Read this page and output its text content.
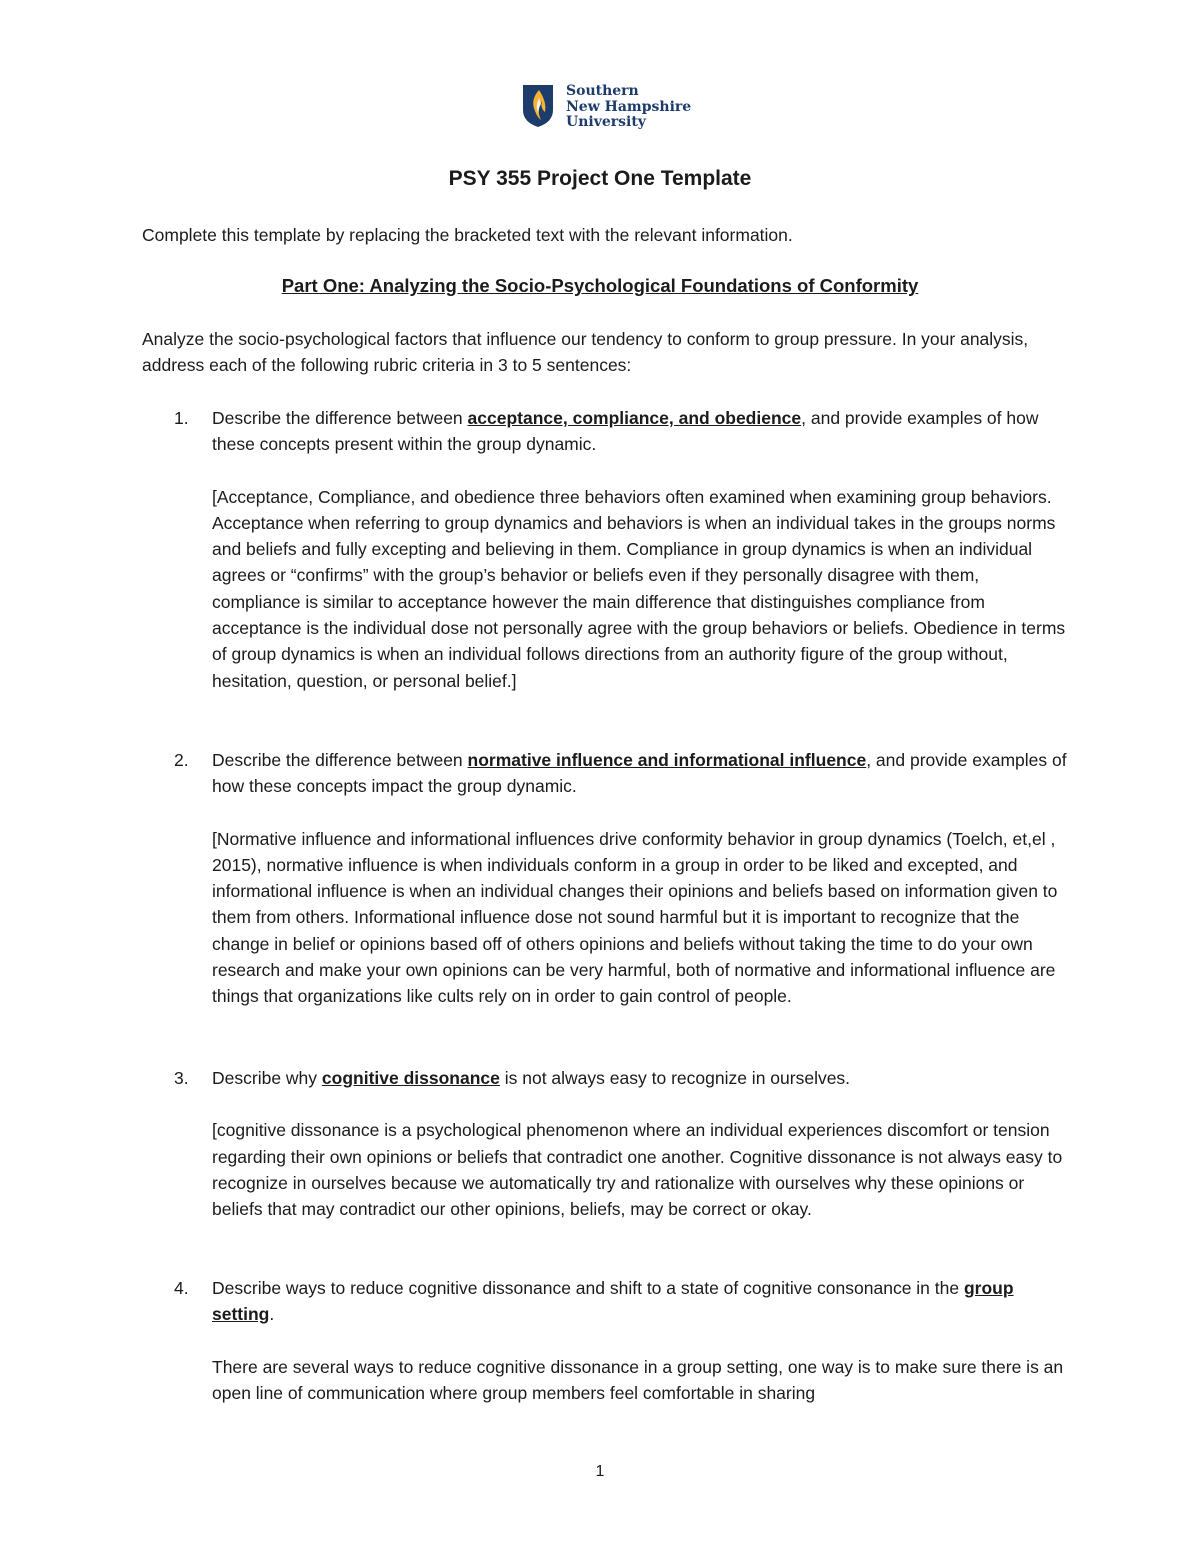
Southern
New Hampshire
University
PSY 355 Project One Template
Complete this template by replacing the bracketed text with the relevant information.
Part One: Analyzing the Socio-Psychological Foundations of Conformity
Analyze the socio-psychological factors that influence our tendency to conform to group pressure. In your analysis, address each of the following rubric criteria in 3 to 5 sentences:
1. Describe the difference between acceptance, compliance, and obedience, and provide examples of how these concepts present within the group dynamic.
[Acceptance, Compliance, and obedience three behaviors often examined when examining group behaviors. Acceptance when referring to group dynamics and behaviors is when an individual takes in the groups norms and beliefs and fully excepting and believing in them. Compliance in group dynamics is when an individual agrees or “confirms” with the group’s behavior or beliefs even if they personally disagree with them, compliance is similar to acceptance however the main difference that distinguishes compliance from acceptance is the individual dose not personally agree with the group behaviors or beliefs. Obedience in terms of group dynamics is when an individual follows directions from an authority figure of the group without, hesitation, question, or personal belief.]
2. Describe the difference between normative influence and informational influence, and provide examples of how these concepts impact the group dynamic.
[Normative influence and informational influences drive conformity behavior in group dynamics (Toelch, et,el , 2015), normative influence is when individuals conform in a group in order to be liked and excepted, and informational influence is when an individual changes their opinions and beliefs based on information given to them from others. Informational influence dose not sound harmful but it is important to recognize that the change in belief or opinions based off of others opinions and beliefs without taking the time to do your own research and make your own opinions can be very harmful, both of normative and informational influence are things that organizations like cults rely on in order to gain control of people.
3. Describe why cognitive dissonance is not always easy to recognize in ourselves.
[cognitive dissonance is a psychological phenomenon where an individual experiences discomfort or tension regarding their own opinions or beliefs that contradict one another. Cognitive dissonance is not always easy to recognize in ourselves because we automatically try and rationalize with ourselves why these opinions or beliefs that may contradict our other opinions, beliefs, may be correct or okay.
4. Describe ways to reduce cognitive dissonance and shift to a state of cognitive consonance in the group setting.
There are several ways to reduce cognitive dissonance in a group setting, one way is to make sure there is an open line of communication where group members feel comfortable in sharing
1
